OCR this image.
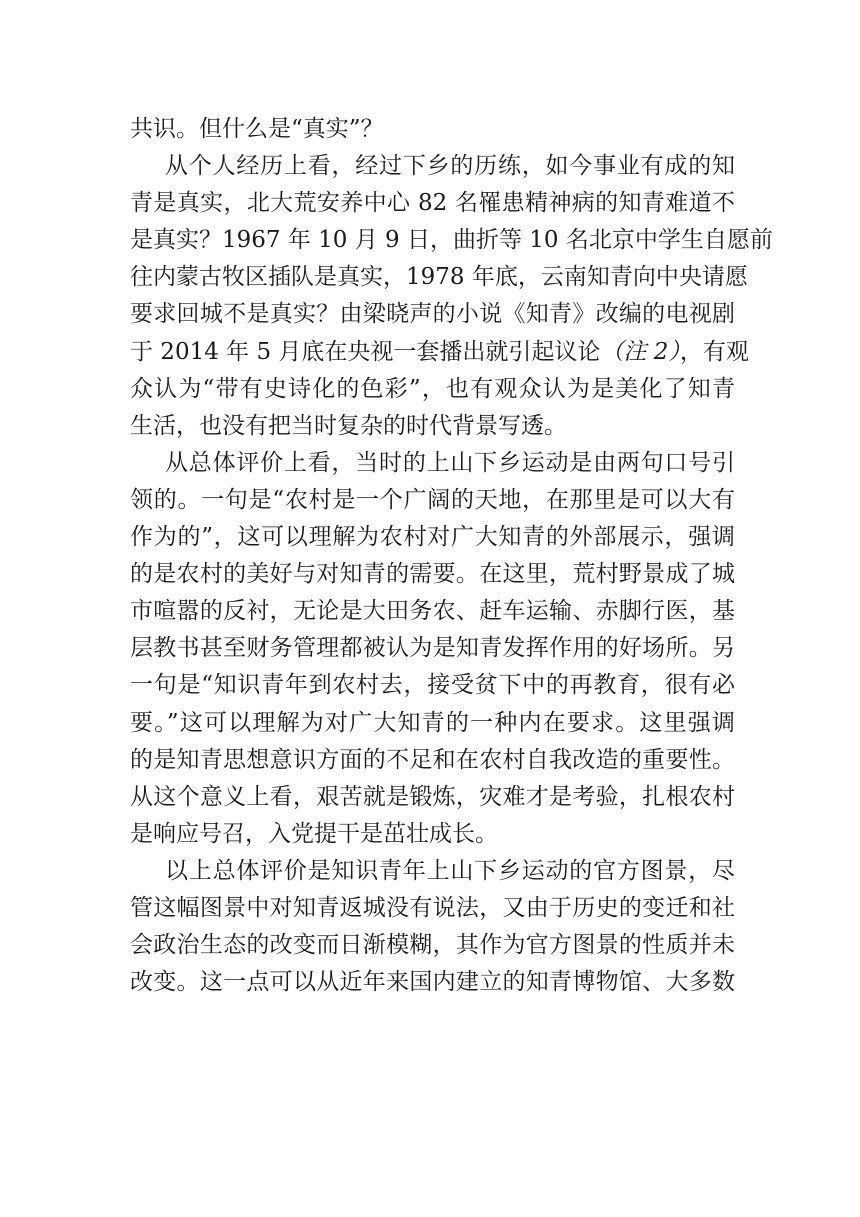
共识。但什么是“真实”？
从个人经历上看，经过下乡的历练，如今事业有成的知
青是真实，北大荒安养中心 82 名罹患精神病的知青难道不
是真实？1967 年 10 月 9 日，曲折等 10 名北京中学生自愿前
往内蒙古牧区插队是真实，1978 年底，云南知青向中央请愿
要求回城不是真实？由梁晓声的小说《知青》改编的电视剧
于 2014 年 5 月底在央视一套播出就引起议论（注 2），有观
众认为“带有史诗化的色彩”，也有观众认为是美化了知青
生活，也没有把当时复杂的时代背景写透。
从总体评价上看，当时的上山下乡运动是由两句口号引
领的。一句是“农村是一个广阔的天地，在那里是可以大有
作为的”，这可以理解为农村对广大知青的外部展示，强调
的是农村的美好与对知青的需要。在这里，荒村野景成了城
市喧嚣的反衬，无论是大田务农、赶车运输、赤脚行医，基
层教书甚至财务管理都被认为是知青发挥作用的好场所。另
一句是“知识青年到农村去，接受贫下中的再教育，很有必
要。”这可以理解为对广大知青的一种内在要求。这里强调
的是知青思想意识方面的不足和在农村自我改造的重要性。
从这个意义上看，艰苦就是锻炼，灾难才是考验，扎根农村
是响应号召，入党提干是茁壮成长。
以上总体评价是知识青年上山下乡运动的官方图景，尽
管这幅图景中对知青返城没有说法，又由于历史的变迁和社
会政治生态的改变而日渐模糊，其作为官方图景的性质并未
改变。这一点可以从近年来国内建立的知青博物馆、大多数
